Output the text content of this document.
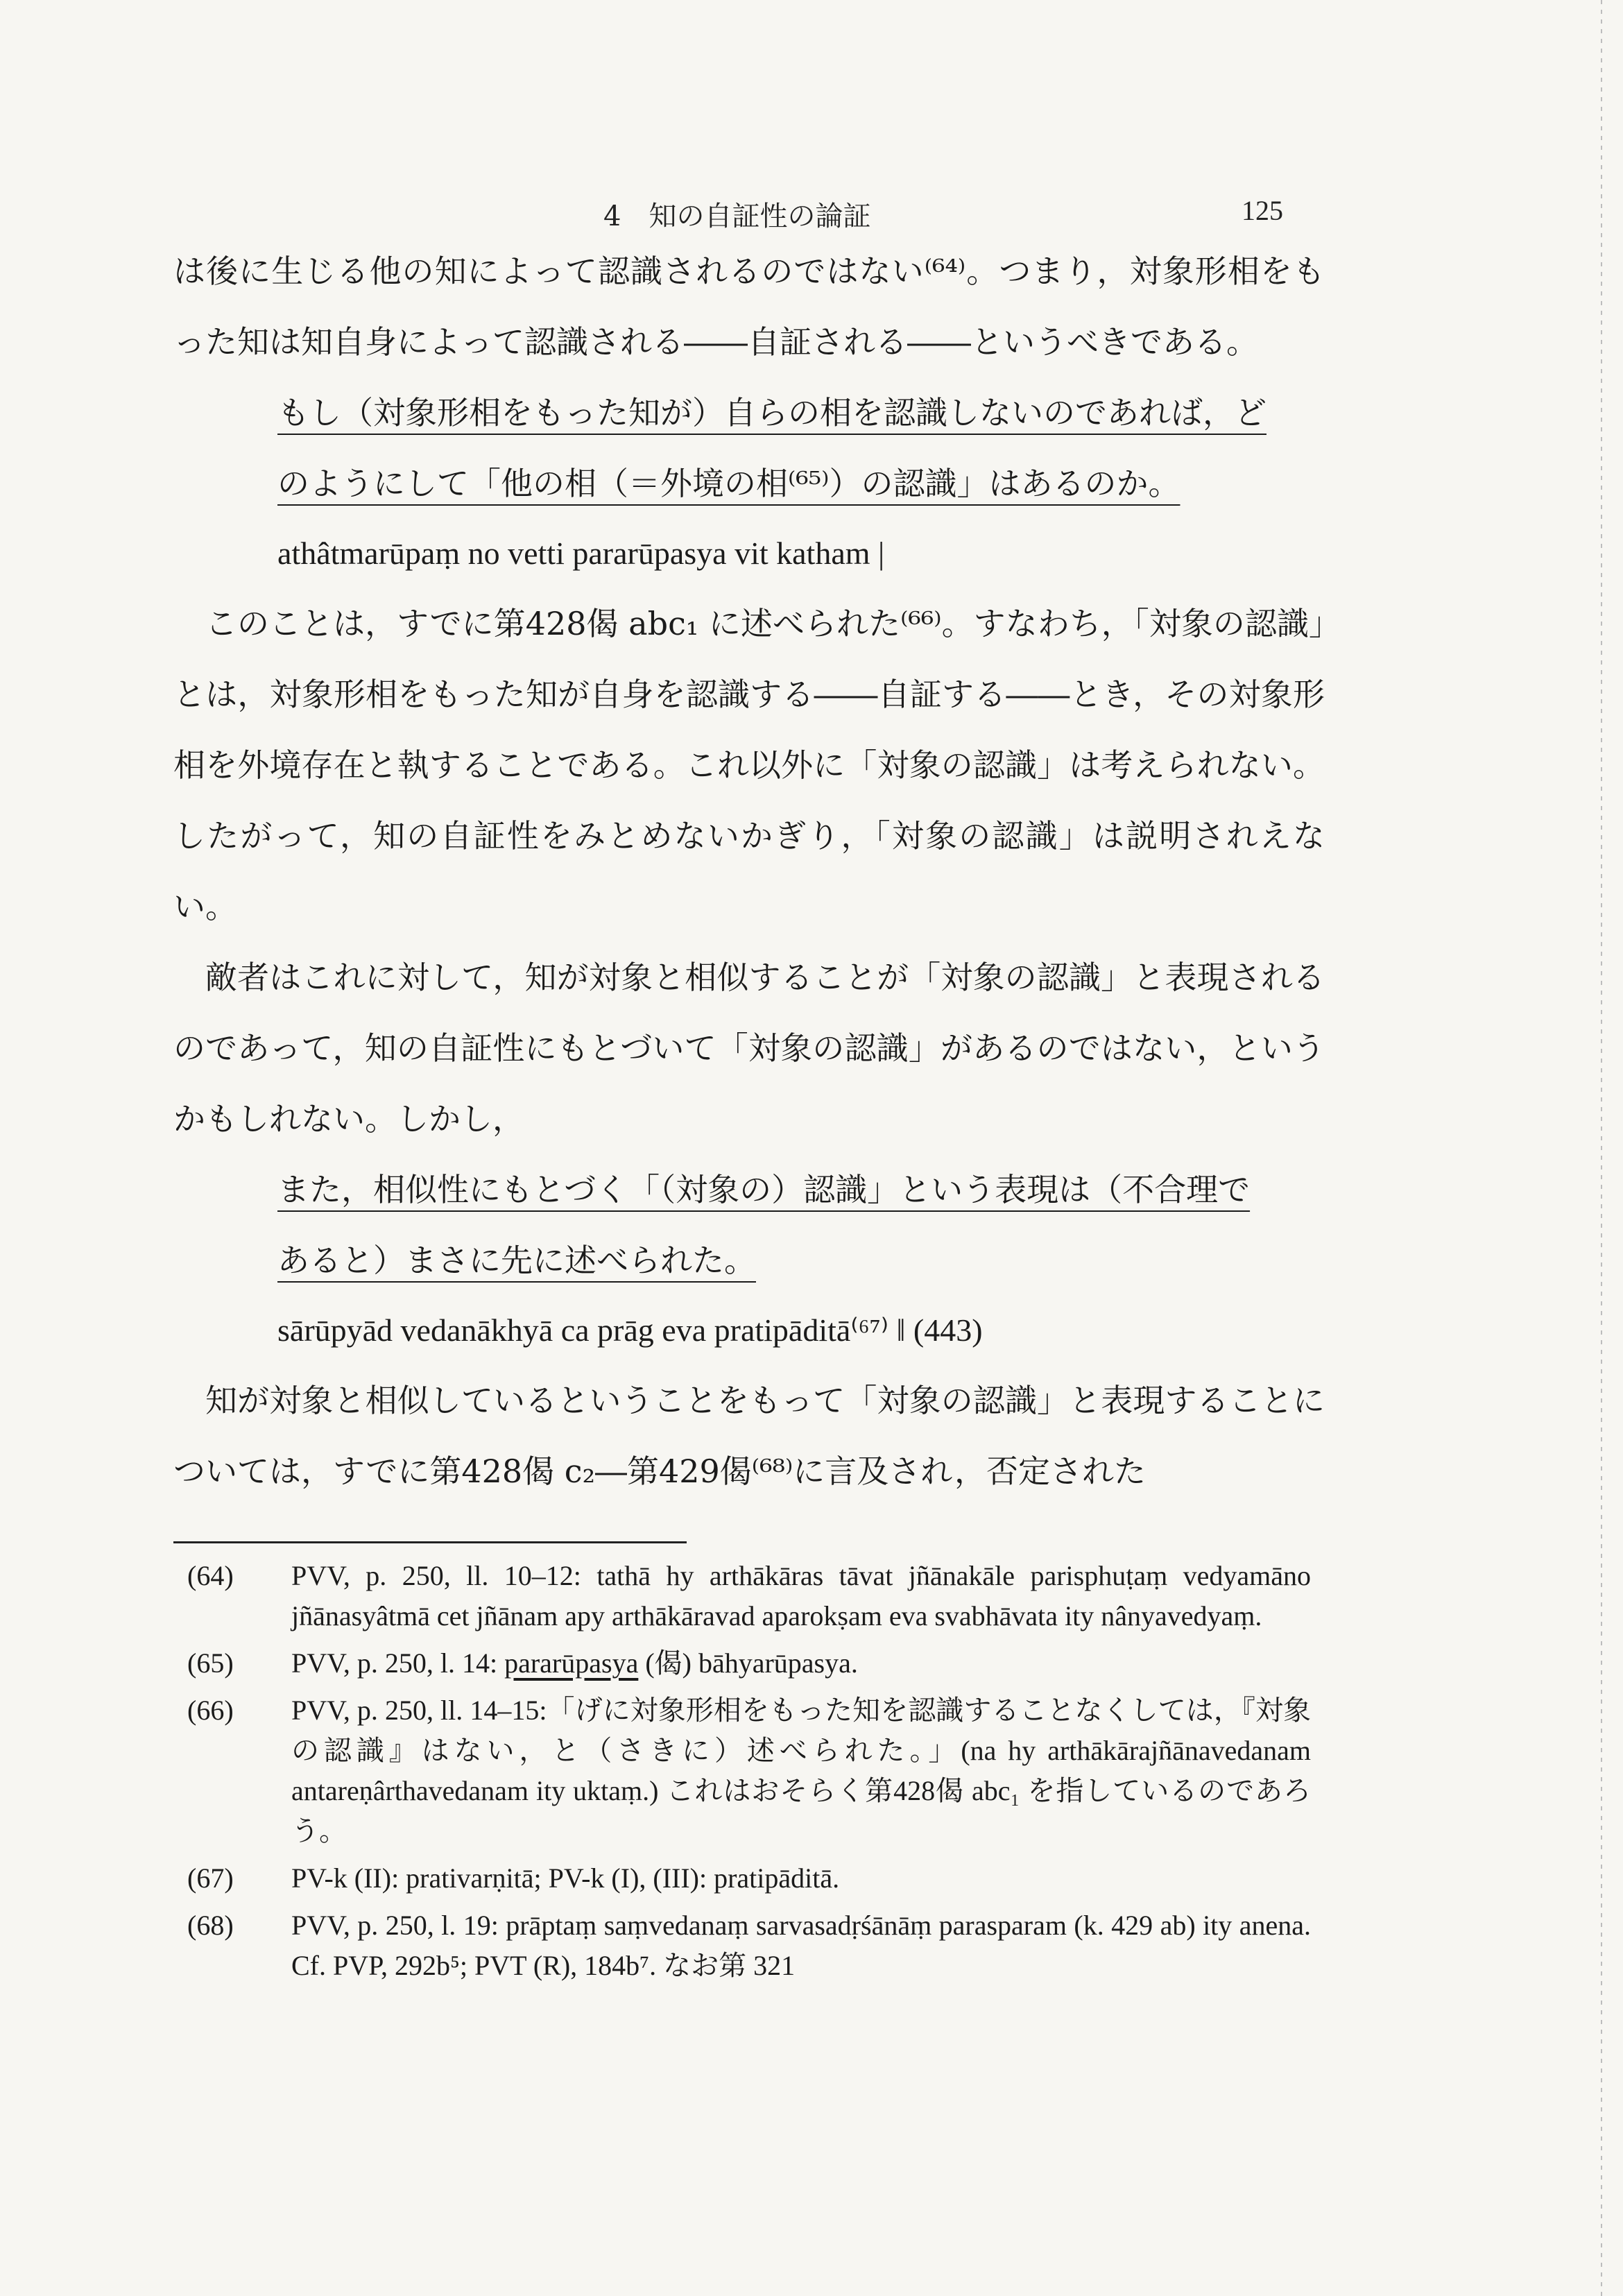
4　知の自証性の論証	125

は後に生じる他の知によって認識されるのではない⁽⁶⁴⁾。つまり，対象形相をもった知は知自身によって認識される――自証される――というべきである。

もし（対象形相をもった知が）自らの相を認識しないのであれば，どのようにして「他の相（＝外境の相⁽⁶⁵⁾）の認識」はあるのか。

athâtmarūpaṃ no vetti pararūpasya vit katham |

このことは，すでに第428偈 abc₁ に述べられた⁽⁶⁶⁾。すなわち，「対象の認識」とは，対象形相をもった知が自身を認識する――自証する――とき，その対象形相を外境存在と執することである。これ以外に「対象の認識」は考えられない。したがって，知の自証性をみとめないかぎり，「対象の認識」は説明されえない。

敵者はこれに対して，知が対象と相似することが「対象の認識」と表現されるのであって，知の自証性にもとづいて「対象の認識」があるのではない，というかもしれない。しかし，

また，相似性にもとづく「（対象の）認識」という表現は（不合理であると）まさに先に述べられた。

sārūpyād vedanākhyā ca prāg eva pratipāditā⁽⁶⁷⁾ ‖ (443)

知が対象と相似しているということをもって「対象の認識」と表現することについては，すでに第428偈 c₂―第429偈⁽⁶⁸⁾に言及され，否定された

(64)	PVV, p. 250, ll. 10–12: tathā hy arthākāras tāvat jñānakāle parisphuṭaṃ vedyamāno jñānasyâtmā cet jñānam apy arthākāravad aparokṣam eva svabhāvata ity nânyavedyaṃ.
(65)	PVV, p. 250, l. 14: pararūpasya (偈) bāhyarūpasya.
(66)	PVV, p. 250, ll. 14–15:「げに対象形相をもった知を認識することなくしては，『対象の認識』はない，と（さきに）述べられた。」(na hy arthākārajñānavedanam antareṇârthavedanam ity uktaṃ.) これはおそらく第428偈 abc₁ を指しているのであろう。
(67)	PV-k (II): prativarṇitā; PV-k (I), (III): pratipāditā.
(68)	PVV, p. 250, l. 19: prāptaṃ saṃvedanaṃ sarvasadṛśānāṃ parasparam (k. 429 ab) ity anena. Cf. PVP, 292b⁵; PVT (R), 184b⁷. なお第 321
